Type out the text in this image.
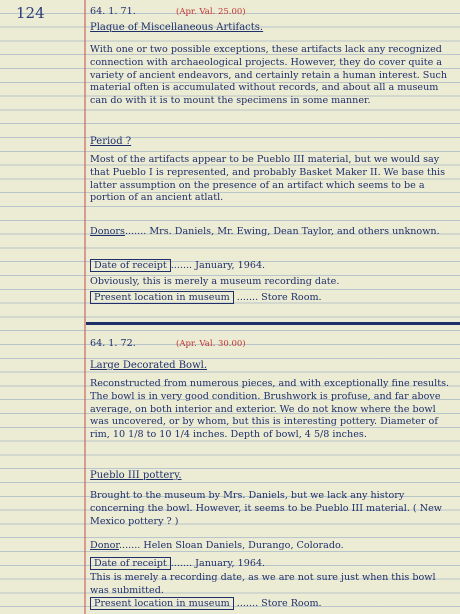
124	64. 1. 71.	(Apr. Val. 25.00)
Plaque of Miscellaneous Artifacts.
With one or two possible exceptions, these artifacts lack any recognized connection with archaeological projects. However, they do cover quite a variety of ancient endeavors, and certainly retain a human interest. Such material often is accumulated without records, and about all a museum can do with it is to mount the specimens in some manner.
Period ?
Most of the artifacts appear to be Pueblo III material, but we would say that Pueblo I is represented, and probably Basket Maker II. We base this latter assumption on the presence of an artifact which seems to be a portion of an ancient atlatl.
Donors....... Mrs. Daniels, Mr. Ewing, Dean Taylor, and others unknown.
Date of receipt ....... January, 1964.
Obviously, this is merely a museum recording date.
Present location in museum ....... Store Room.
64. 1. 72.	(Apr. Val. 30.00)
Large Decorated Bowl.
Reconstructed from numerous pieces, and with exceptionally fine results. The bowl is in very good condition. Brushwork is profuse, and far above average, on both interior and exterior. We do not know where the bowl was uncovered, or by whom, but this is interesting pottery. Diameter of rim, 10 1/8 to 10 1/4 inches. Depth of bowl, 4 5/8 inches.
Pueblo III pottery.
Brought to the museum by Mrs. Daniels, but we lack any history concerning the bowl. However, it seems to be Pueblo III material. ( New Mexico pottery ? )
Donor....... Helen Sloan Daniels, Durango, Colorado.
Date of receipt ....... January, 1964.
This is merely a recording date, as we are not sure just when this bowl was submitted.
Present location in museum ....... Store Room.
